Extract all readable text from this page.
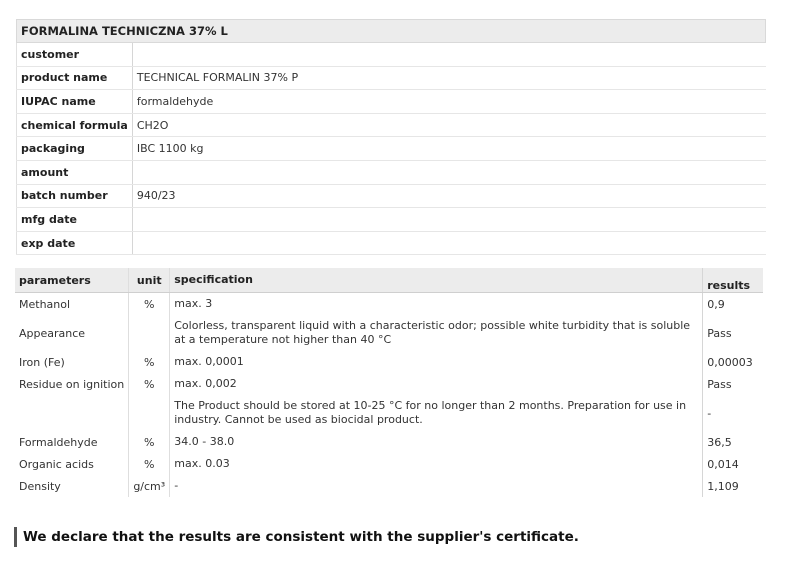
FORMALINA TECHNICZNA 37% L	
customer	
product name	TECHNICAL FORMALIN 37% P
IUPAC name	formaldehyde
chemical formula	CH2O
packaging	IBC 1100 kg
amount	
batch number	940/23
mfg date	
exp date	
parameters	unit	specification	results
Methanol	%	max. 3	0,9
Appearance		Colorless, transparent liquid with a characteristic odor; possible white turbidity that is soluble at a temperature not higher than 40 °C	Pass
Iron (Fe)	%	max. 0,0001	0,00003
Residue on ignition	%	max. 0,002	Pass
		The Product should be stored at 10-25 °C for no longer than 2 months. Preparation for use in industry. Cannot be used as biocidal product.	-
Formaldehyde	%	34.0 - 38.0	36,5
Organic acids	%	max. 0.03	0,014
Density	g/cm³	-	1,109
We declare that the results are consistent with the supplier's certificate.
